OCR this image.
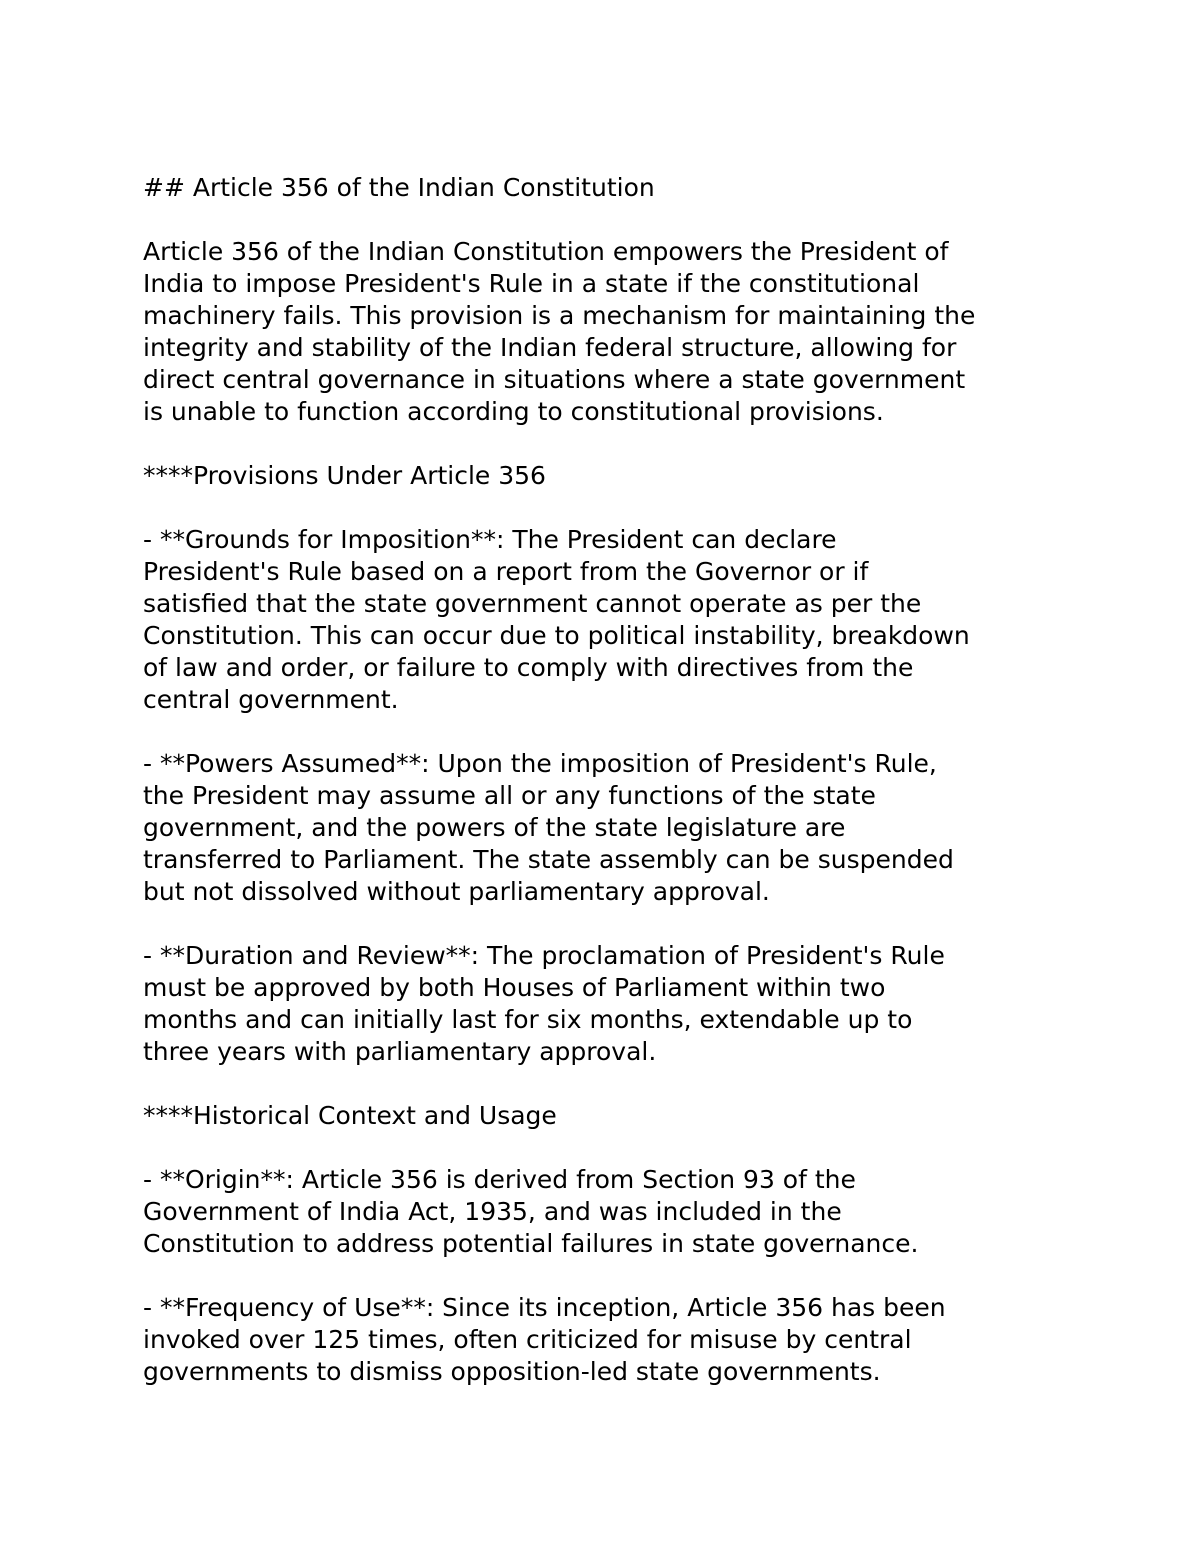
## Article 356 of the Indian Constitution

Article 356 of the Indian Constitution empowers the President of
India to impose President's Rule in a state if the constitutional
machinery fails. This provision is a mechanism for maintaining the
integrity and stability of the Indian federal structure, allowing for
direct central governance in situations where a state government
is unable to function according to constitutional provisions.

****Provisions Under Article 356

- **Grounds for Imposition**: The President can declare
President's Rule based on a report from the Governor or if
satisfied that the state government cannot operate as per the
Constitution. This can occur due to political instability, breakdown
of law and order, or failure to comply with directives from the
central government.

- **Powers Assumed**: Upon the imposition of President's Rule,
the President may assume all or any functions of the state
government, and the powers of the state legislature are
transferred to Parliament. The state assembly can be suspended
but not dissolved without parliamentary approval.

- **Duration and Review**: The proclamation of President's Rule
must be approved by both Houses of Parliament within two
months and can initially last for six months, extendable up to
three years with parliamentary approval.

****Historical Context and Usage

- **Origin**: Article 356 is derived from Section 93 of the
Government of India Act, 1935, and was included in the
Constitution to address potential failures in state governance.

- **Frequency of Use**: Since its inception, Article 356 has been
invoked over 125 times, often criticized for misuse by central
governments to dismiss opposition-led state governments.
